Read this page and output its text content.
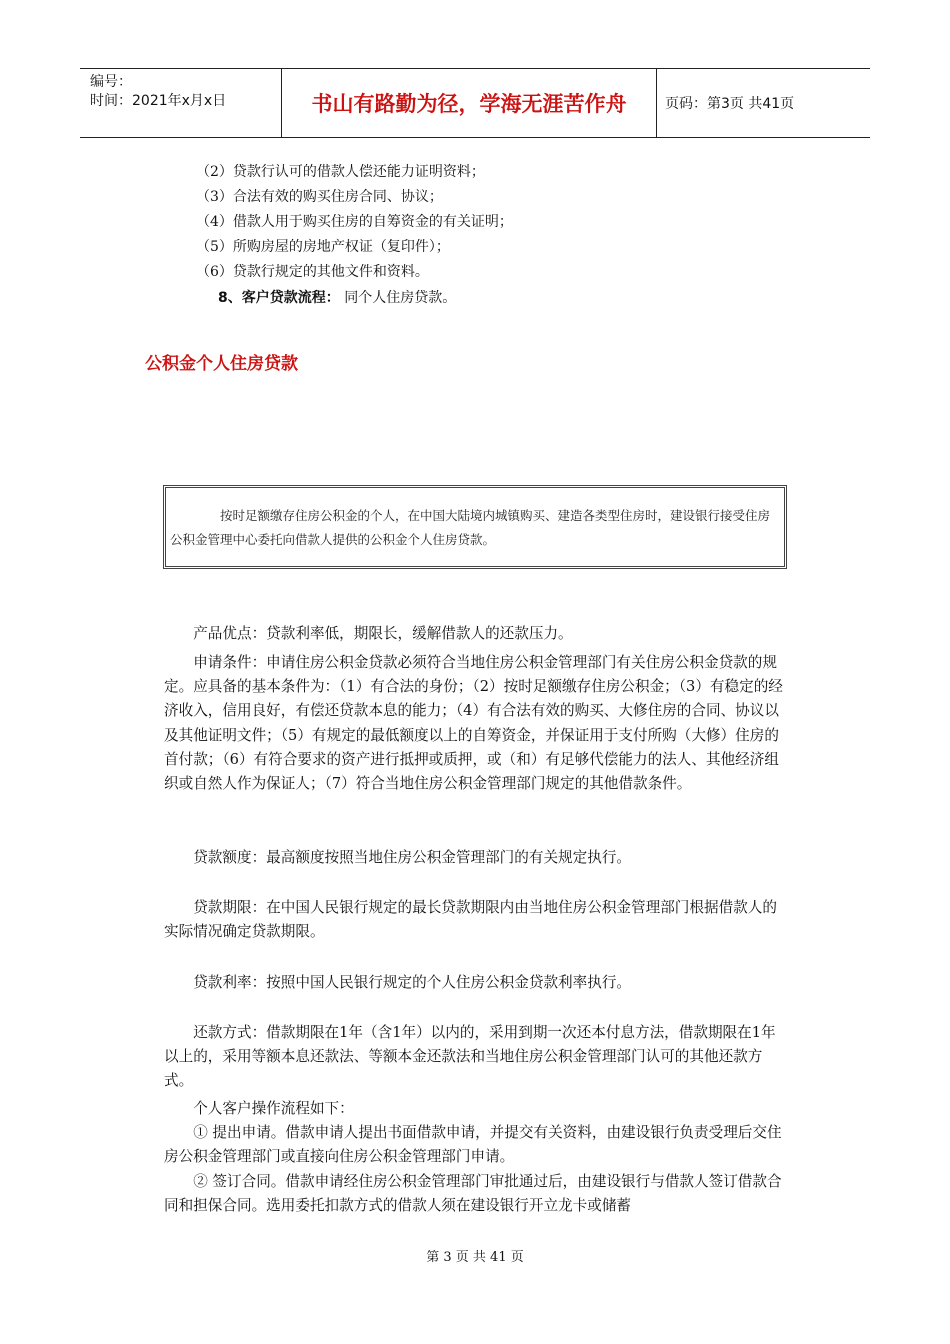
编号：
时间：2021年x月x日	书山有路勤为径，学海无涯苦作舟	页码：第3页 共41页
（2）贷款行认可的借款人偿还能力证明资料；
（3）合法有效的购买住房合同、协议；
（4）借款人用于购买住房的自筹资金的有关证明；
（5）所购房屋的房地产权证（复印件）；
（6）贷款行规定的其他文件和资料。
8、客户贷款流程： 同个人住房贷款。
公积金个人住房贷款
按时足额缴存住房公积金的个人，在中国大陆境内城镇购买、建造各类型住房时，建设银行接受住房公积金管理中心委托向借款人提供的公积金个人住房贷款。
产品优点：贷款利率低，期限长，缓解借款人的还款压力。
申请条件：申请住房公积金贷款必须符合当地住房公积金管理部门有关住房公积金贷款的规定。应具备的基本条件为：（1）有合法的身份；（2）按时足额缴存住房公积金；（3）有稳定的经济收入，信用良好，有偿还贷款本息的能力；（4）有合法有效的购买、大修住房的合同、协议以及其他证明文件；（5）有规定的最低额度以上的自筹资金，并保证用于支付所购（大修）住房的首付款；（6）有符合要求的资产进行抵押或质押，或（和）有足够代偿能力的法人、其他经济组织或自然人作为保证人；（7）符合当地住房公积金管理部门规定的其他借款条件。
贷款额度：最高额度按照当地住房公积金管理部门的有关规定执行。
贷款期限：在中国人民银行规定的最长贷款期限内由当地住房公积金管理部门根据借款人的实际情况确定贷款期限。
贷款利率：按照中国人民银行规定的个人住房公积金贷款利率执行。
还款方式：借款期限在1年（含1年）以内的，采用到期一次还本付息方法，借款期限在1年以上的，采用等额本息还款法、等额本金还款法和当地住房公积金管理部门认可的其他还款方式。
个人客户操作流程如下：
① 提出申请。借款申请人提出书面借款申请，并提交有关资料，由建设银行负责受理后交住房公积金管理部门或直接向住房公积金管理部门申请。
② 签订合同。借款申请经住房公积金管理部门审批通过后，由建设银行与借款人签订借款合同和担保合同。选用委托扣款方式的借款人须在建设银行开立龙卡或储蓄
第 3 页 共 41 页
